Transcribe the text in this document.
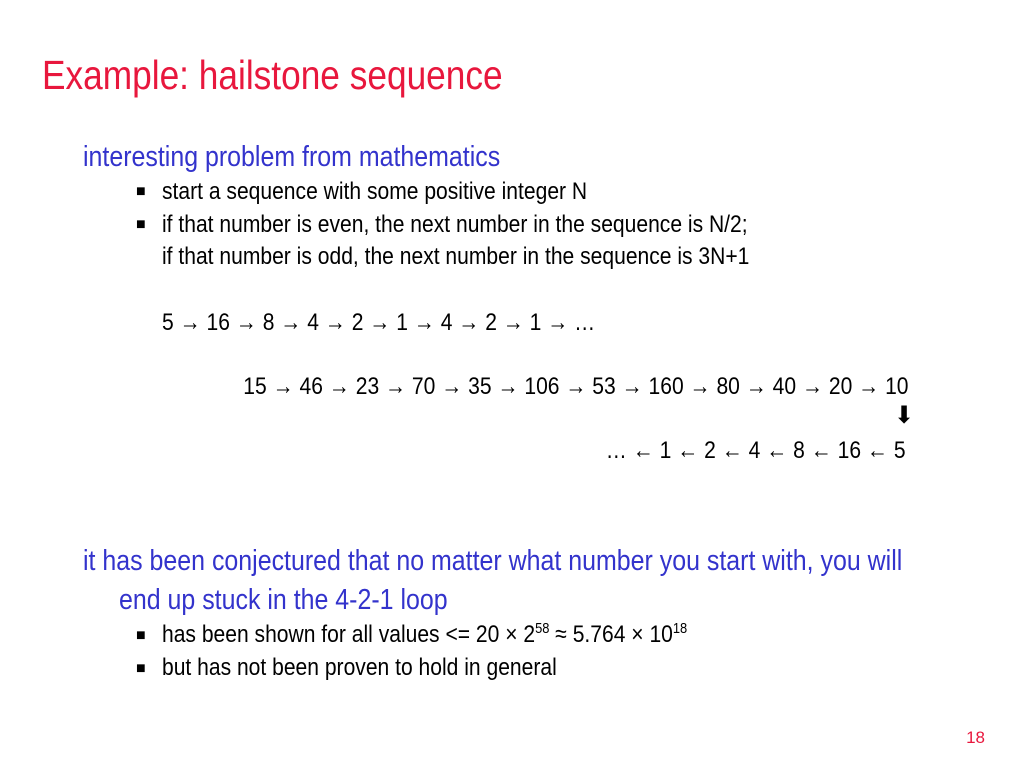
Example: hailstone sequence
interesting problem from mathematics
■ start a sequence with some positive integer N
■ if that number is even, the next number in the sequence is N/2;
if that number is odd, the next number in the sequence is 3N+1
5 → 16 → 8 → 4 → 2 → 1 → 4 → 2 → 1 → …
15 → 46 → 23 → 70 → 35 → 106 → 53 → 160 → 80 → 40 → 20 → 10
⬇
… ← 1 ← 2 ← 4 ← 8 ← 16 ← 5
it has been conjectured that no matter what number you start with, you will
end up stuck in the 4-2-1 loop
■ has been shown for all values <= $20 \times 2^{58} \approx 5.764 \times 10^{18}$
■ but has not been proven to hold in general
18
